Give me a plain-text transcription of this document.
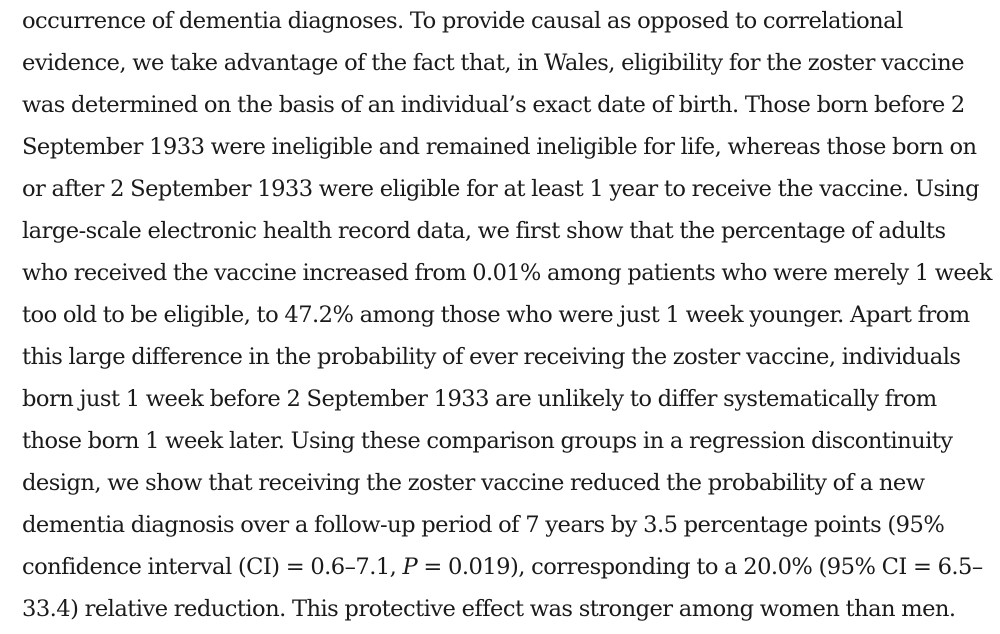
occurrence of dementia diagnoses. To provide causal as opposed to correlational
evidence, we take advantage of the fact that, in Wales, eligibility for the zoster vaccine
was determined on the basis of an individual’s exact date of birth. Those born before 2
September 1933 were ineligible and remained ineligible for life, whereas those born on
or after 2 September 1933 were eligible for at least 1 year to receive the vaccine. Using
large-scale electronic health record data, we first show that the percentage of adults
who received the vaccine increased from 0.01% among patients who were merely 1 week
too old to be eligible, to 47.2% among those who were just 1 week younger. Apart from
this large difference in the probability of ever receiving the zoster vaccine, individuals
born just 1 week before 2 September 1933 are unlikely to differ systematically from
those born 1 week later. Using these comparison groups in a regression discontinuity
design, we show that receiving the zoster vaccine reduced the probability of a new
dementia diagnosis over a follow-up period of 7 years by 3.5 percentage points (95%
confidence interval (CI) = 0.6–7.1, P = 0.019), corresponding to a 20.0% (95% CI = 6.5–
33.4) relative reduction. This protective effect was stronger among women than men.
